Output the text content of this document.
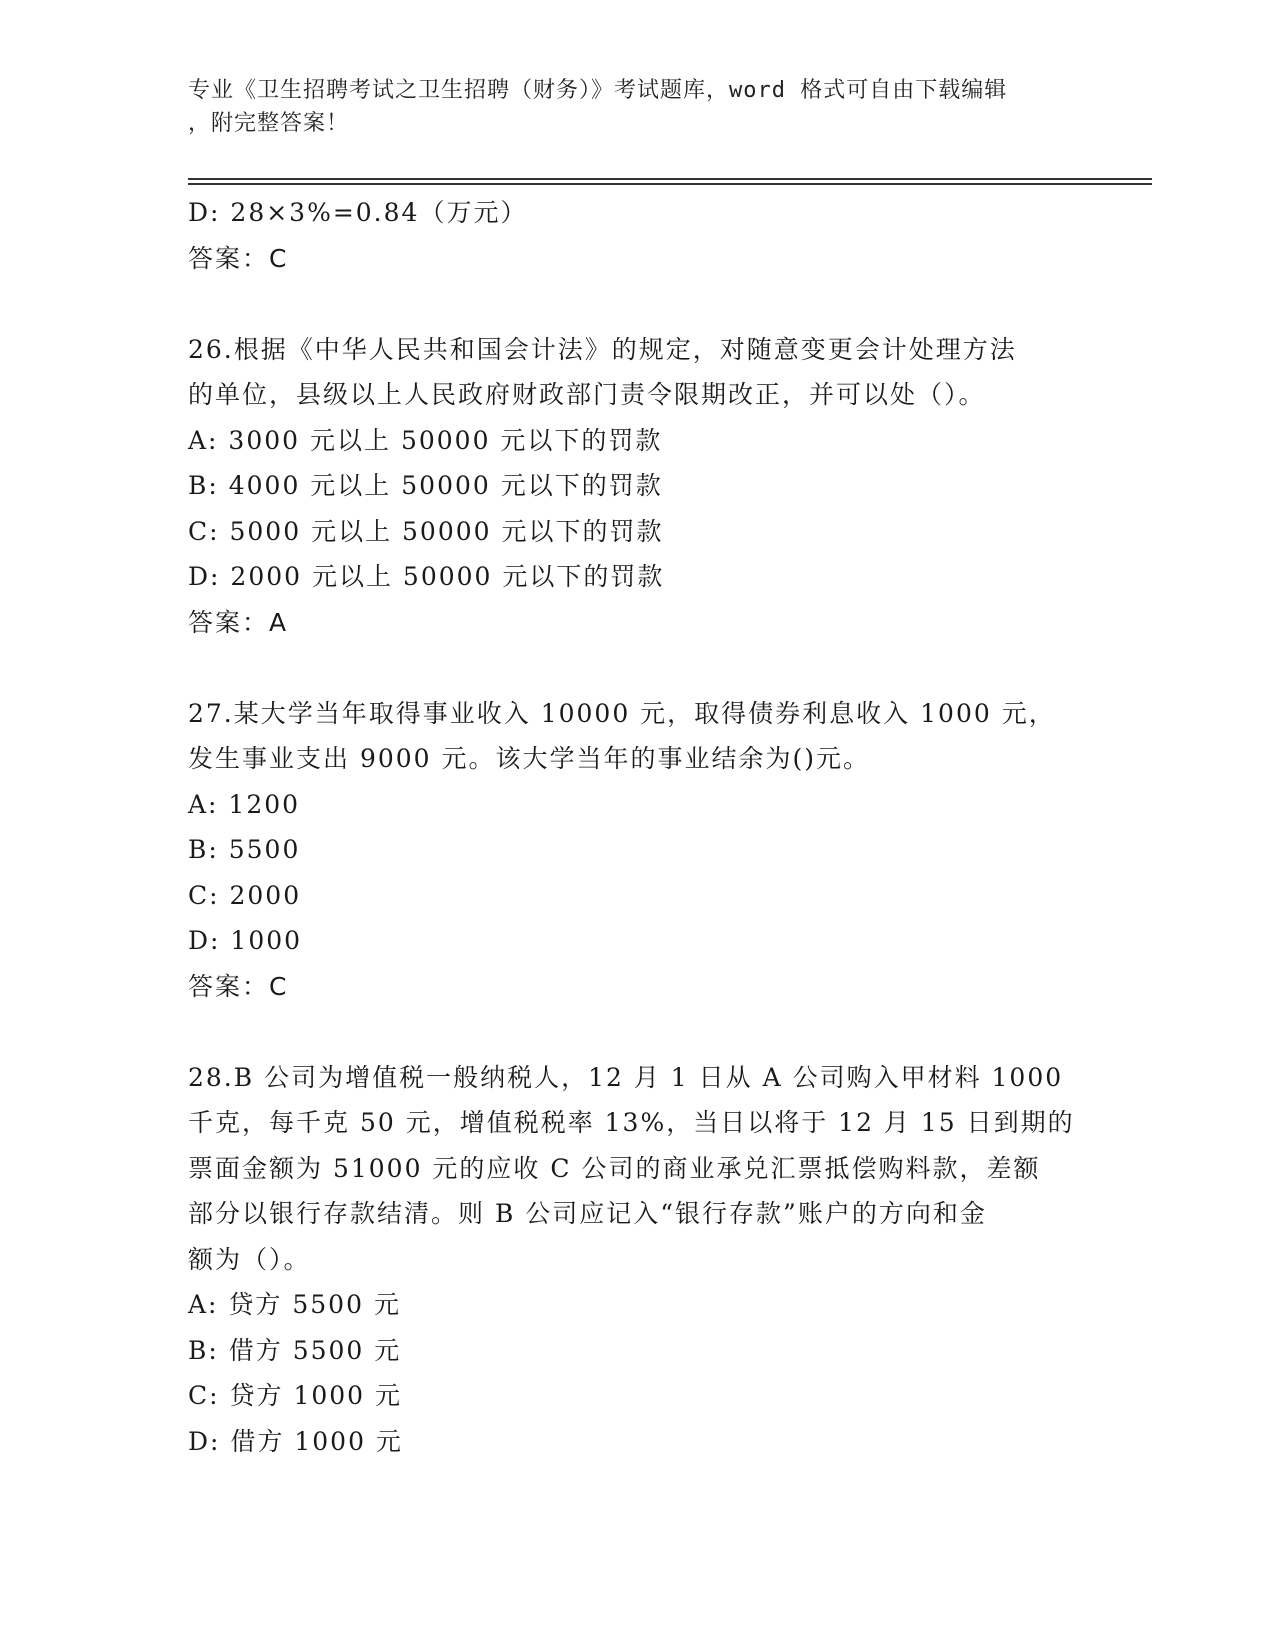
专业《卫生招聘考试之卫生招聘（财务）》考试题库，word 格式可自由下载编辑
，附完整答案！
D: 28×3%=0.84（万元）
答案：C
26.根据《中华人民共和国会计法》的规定，对随意变更会计处理方法
的单位，县级以上人民政府财政部门责令限期改正，并可以处（）。
A: 3000 元以上 50000 元以下的罚款
B: 4000 元以上 50000 元以下的罚款
C: 5000 元以上 50000 元以下的罚款
D: 2000 元以上 50000 元以下的罚款
答案：A
27.某大学当年取得事业收入 10000 元，取得债券利息收入 1000 元，
发生事业支出 9000 元。该大学当年的事业结余为()元。
A: 1200
B: 5500
C: 2000
D: 1000
答案：C
28.B 公司为增值税一般纳税人，12 月 1 日从 A 公司购入甲材料 1000
千克，每千克 50 元，增值税税率 13%，当日以将于 12 月 15 日到期的
票面金额为 51000 元的应收 C 公司的商业承兑汇票抵偿购料款，差额
部分以银行存款结清。则 B 公司应记入“银行存款”账户的方向和金
额为（）。
A: 贷方 5500 元
B: 借方 5500 元
C: 贷方 1000 元
D: 借方 1000 元
